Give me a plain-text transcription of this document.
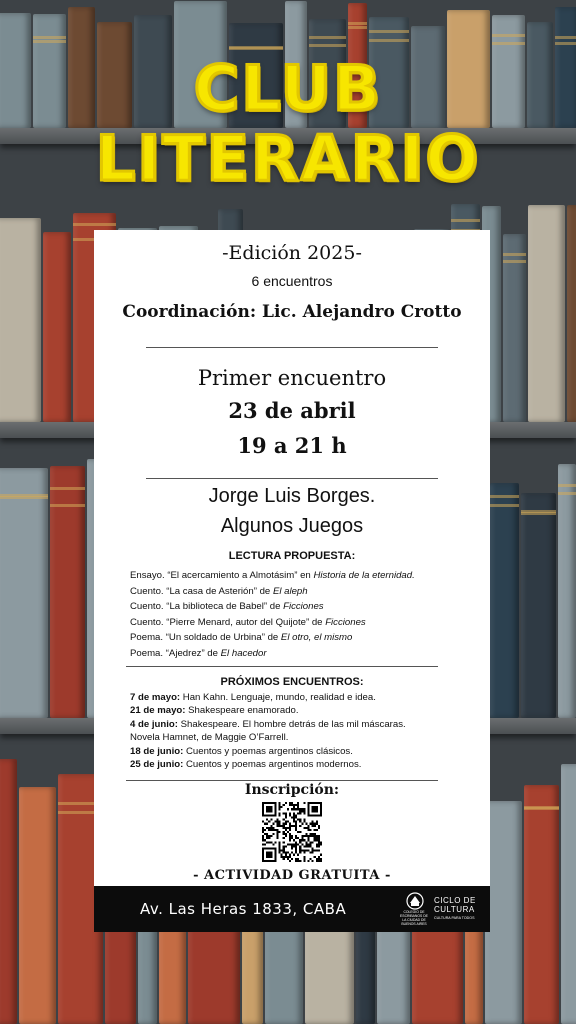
CLUB
LITERARIO
-Edición 2025-
6 encuentros
Coordinación: Lic. Alejandro Crotto
Primer encuentro
23 de abril
19 a 21 h
Jorge Luis Borges.
Algunos Juegos
LECTURA PROPUESTA:
Ensayo. “El acercamiento a Almotásim” en Historia de la eternidad.
Cuento. “La casa de Asterión” de El aleph
Cuento. “La biblioteca de Babel” de Ficciones
Cuento. “Pierre Menard, autor del Quijote” de Ficciones
Poema. “Un soldado de Urbina” de El otro, el mismo
Poema. “Ajedrez” de El hacedor
PRÓXIMOS ENCUENTROS:
7 de mayo: Han Kahn. Lenguaje, mundo, realidad e idea.
21 de mayo: Shakespeare enamorado.
4 de junio: Shakespeare. El hombre detrás de las mil máscaras.
Novela Hamnet, de Maggie O’Farrell.
18 de junio: Cuentos y poemas argentinos clásicos.
25 de junio: Cuentos y poemas argentinos modernos.
Inscripción:
- ACTIVIDAD GRATUITA -
Av. Las Heras 1833, CABA	COLEGIO DE ESCRIBANOS DE LA CIUDAD DE BUENOS AIRES
CICLO DE
CULTURA
CULTURA PARA TODOS
